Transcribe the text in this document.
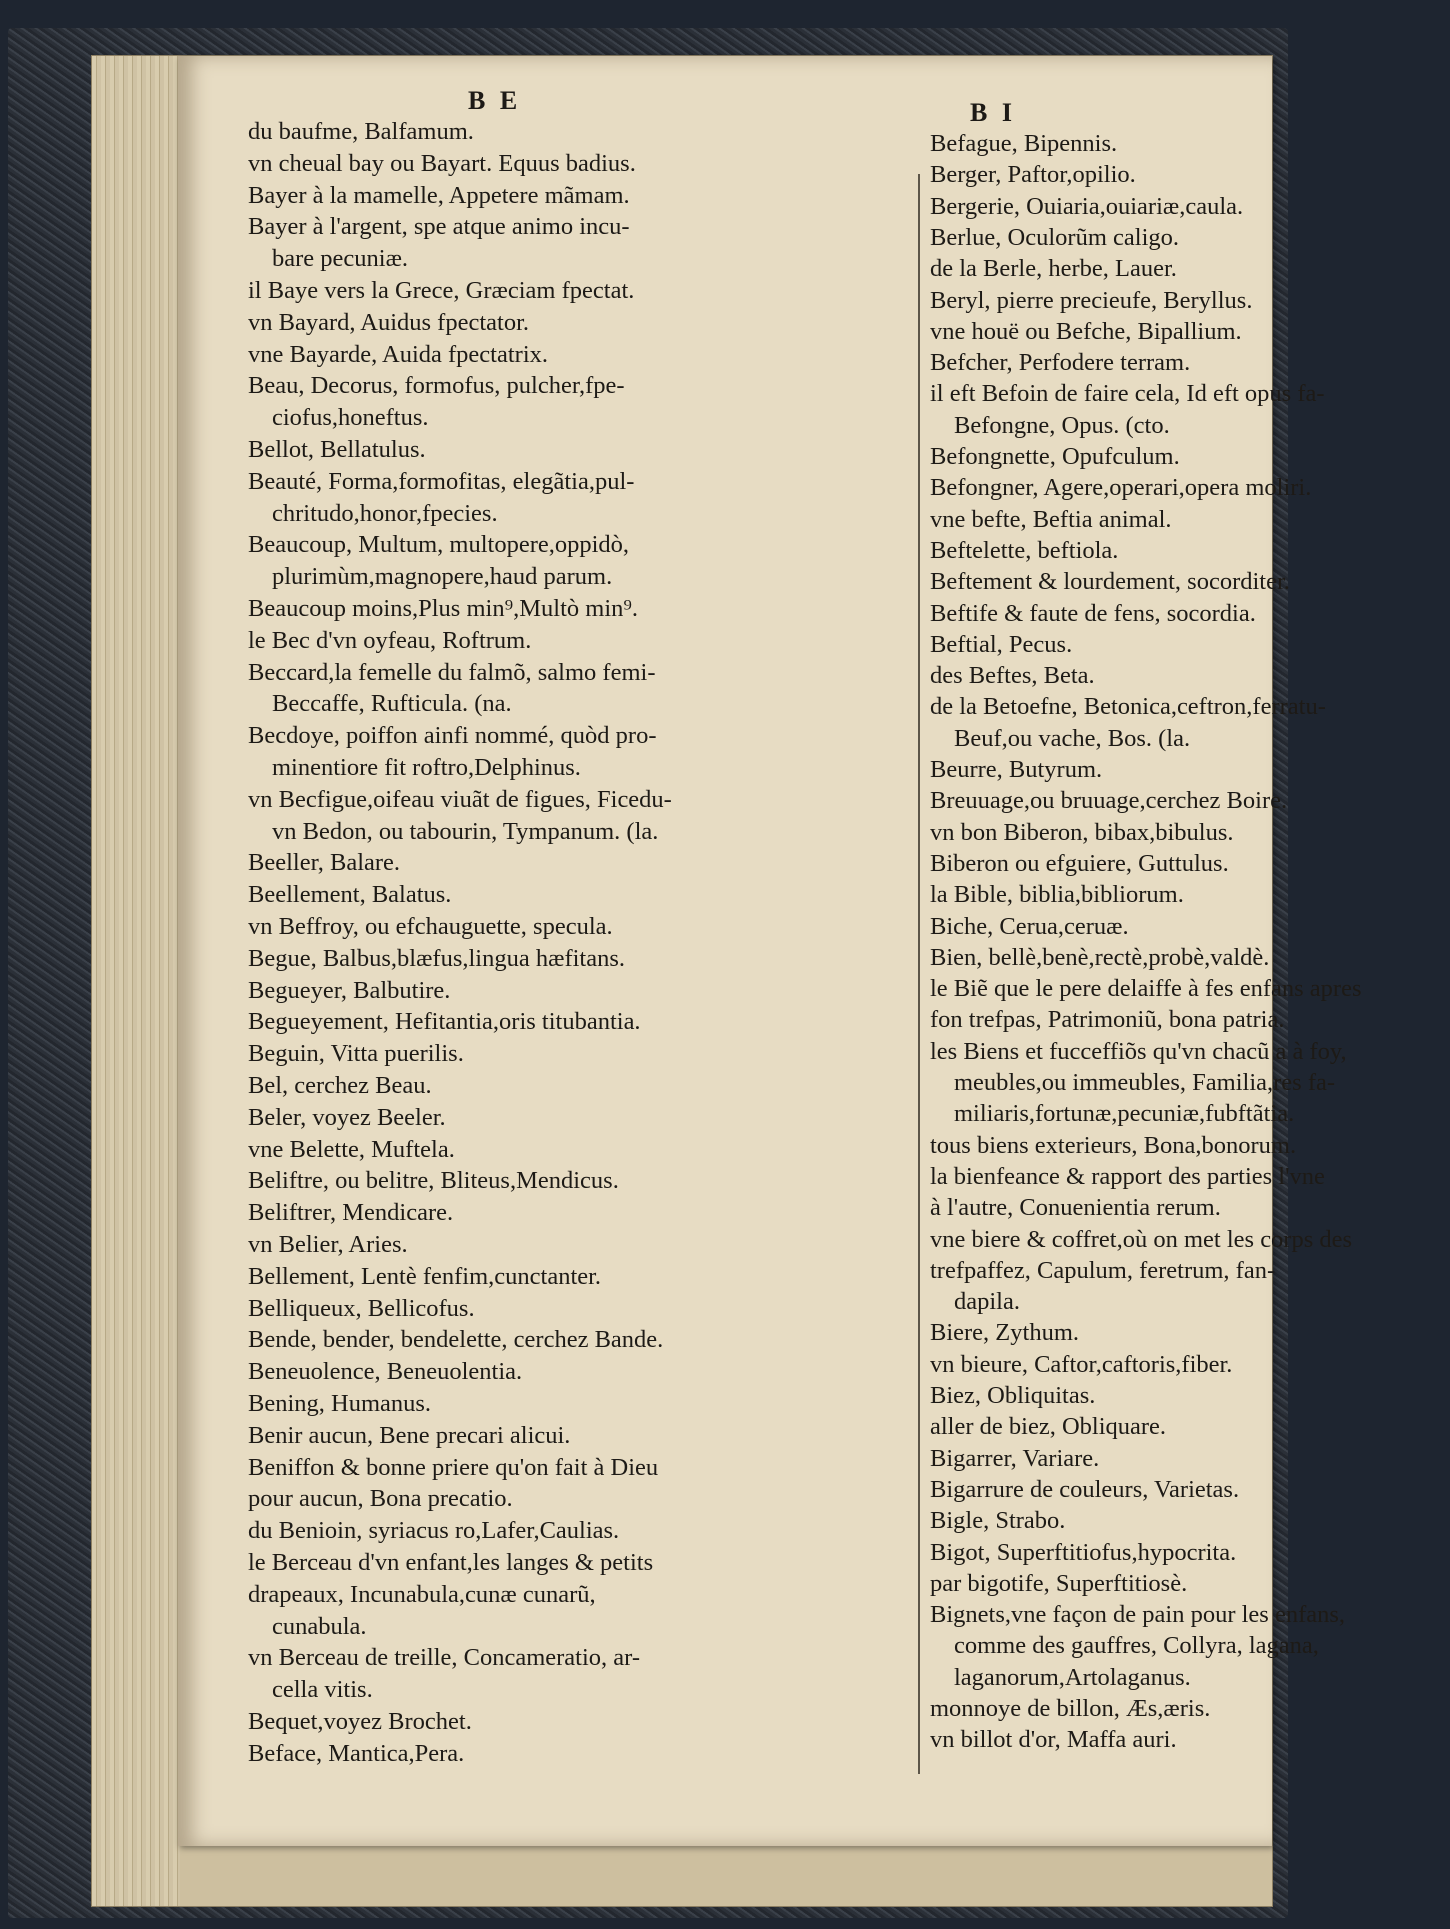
B E	B I
du baufme, Balfamum.
vn cheual bay ou Bayart. Equus badius.
Bayer à la mamelle, Appetere mãmam.
Bayer à l'argent, spe atque animo incu-
bare pecuniæ.
il Baye vers la Grece, Græciam fpectat.
vn Bayard, Auidus fpectator.
vne Bayarde, Auida fpectatrix.
Beau, Decorus, formofus, pulcher,fpe-
ciofus,honeftus.
Bellot, Bellatulus.
Beauté, Forma,formofitas, elegãtia,pul-
chritudo,honor,fpecies.
Beaucoup, Multum, multopere,oppidò,
plurimùm,magnopere,haud parum.
Beaucoup moins,Plus min⁹,Multò min⁹.
le Bec d'vn oyfeau, Roftrum.
Beccard,la femelle du falmõ, salmo femi-
Beccaffe, Rufticula. (na.
Becdoye, poiffon ainfi nommé, quòd pro-
minentiore fit roftro,Delphinus.
vn Becfigue,oifeau viuãt de figues, Ficedu-
vn Bedon, ou tabourin, Tympanum. (la.
Beeller, Balare.
Beellement, Balatus.
vn Beffroy, ou efchauguette, specula.
Begue, Balbus,blæfus,lingua hæfitans.
Begueyer, Balbutire.
Begueyement, Hefitantia,oris titubantia.
Beguin, Vitta puerilis.
Bel, cerchez Beau.
Beler, voyez Beeler.
vne Belette, Muftela.
Beliftre, ou belitre, Bliteus,Mendicus.
Beliftrer, Mendicare.
vn Belier, Aries.
Bellement, Lentè fenfim,cunctanter.
Belliqueux, Bellicofus.
Bende, bender, bendelette, cerchez Bande.
Beneuolence, Beneuolentia.
Bening, Humanus.
Benir aucun, Bene precari alicui.
Beniffon & bonne priere qu'on fait à Dieu
pour aucun, Bona precatio.
du Benioin, syriacus ro,Lafer,Caulias.
le Berceau d'vn enfant,les langes & petits
drapeaux, Incunabula,cunæ cunarũ,
cunabula.
vn Berceau de treille, Concameratio, ar-
cella vitis.
Bequet,voyez Brochet.
Beface, Mantica,Pera.
Befague, Bipennis.
Berger, Paftor,opilio.
Bergerie, Ouiaria,ouiariæ,caula.
Berlue, Oculorũm caligo.
de la Berle, herbe, Lauer.
Beryl, pierre precieufe, Beryllus.
vne houë ou Befche, Bipallium.
Befcher, Perfodere terram.
il eft Befoin de faire cela, Id eft opus fa-
Befongne, Opus. (cto.
Befongnette, Opufculum.
Befongner, Agere,operari,opera moliri.
vne befte, Beftia animal.
Beftelette, beftiola.
Beftement & lourdement, socorditer.
Beftife & faute de fens, socordia.
Beftial, Pecus.
des Beftes, Beta.
de la Betoefne, Betonica,ceftron,ferratu-
Beuf,ou vache, Bos. (la.
Beurre, Butyrum.
Breuuage,ou bruuage,cerchez Boire.
vn bon Biberon, bibax,bibulus.
Biberon ou efguiere, Guttulus.
la Bible, biblia,bibliorum.
Biche, Cerua,ceruæ.
Bien, bellè,benè,rectè,probè,valdè.
le Biẽ que le pere delaiffe à fes enfans apres
fon trefpas, Patrimoniũ, bona patria.
les Biens et fucceffiõs qu'vn chacũ a à foy,
meubles,ou immeubles, Familia,res fa-
miliaris,fortunæ,pecuniæ,fubftãtia.
tous biens exterieurs, Bona,bonorum.
la bienfeance & rapport des parties l'vne
à l'autre, Conuenientia rerum.
vne biere & coffret,où on met les corps des
trefpaffez, Capulum, feretrum, fan-
dapila.
Biere, Zythum.
vn bieure, Caftor,caftoris,fiber.
Biez, Obliquitas.
aller de biez, Obliquare.
Bigarrer, Variare.
Bigarrure de couleurs, Varietas.
Bigle, Strabo.
Bigot, Superftitiofus,hypocrita.
par bigotife, Superftitiosè.
Bignets,vne façon de pain pour les enfans,
comme des gauffres, Collyra, lagana,
laganorum,Artolaganus.
monnoye de billon, Æs,æris.
vn billot d'or, Maffa auri.
